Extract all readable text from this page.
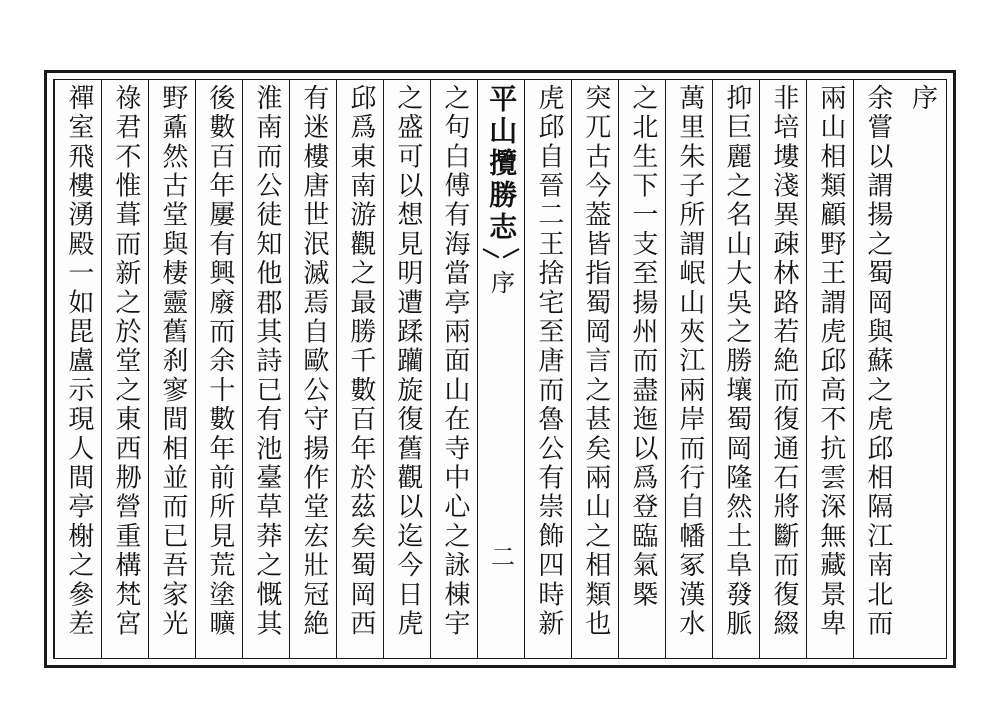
序
余嘗以謂揚之蜀岡與蘇之虎邱相隔江南北而
兩山相類顧野王謂虎邱高不抗雲深無藏景卑
非培塿淺異疎林路若絶而復通石將斷而復綴
抑巨麗之名山大吳之勝壤蜀岡隆然土阜發脈
萬里朱子所謂岷山夾江兩岸而行自幡冢漢水
之北生下一支至揚州而盡迤以爲登臨氣槩
突兀古今葢皆指蜀岡言之甚矣兩山之相類也
虎邱自晉二王捨宅至唐而魯公有崇飾四時新
平山攬勝志
序
二
之句白傅有海當亭兩面山在寺中心之詠棟宇
之盛可以想見明遭蹂躪旋復舊觀以迄今日虎
邱爲東南游觀之最勝千數百年於茲矣蜀岡西
有迷樓唐世泯滅焉自歐公守揚作堂宏壯冠絶
淮南而公徒知他郡其詩已有池臺草莽之慨其
後數百年屢有興廢而余十數年前所見荒塗曠
野鼒然古堂與棲靈舊刹寥間相並而已吾家光
祿君不惟葺而新之於堂之東西刱營重構梵宮
禪室飛樓湧殿一如毘盧示現人間亭榭之參差
